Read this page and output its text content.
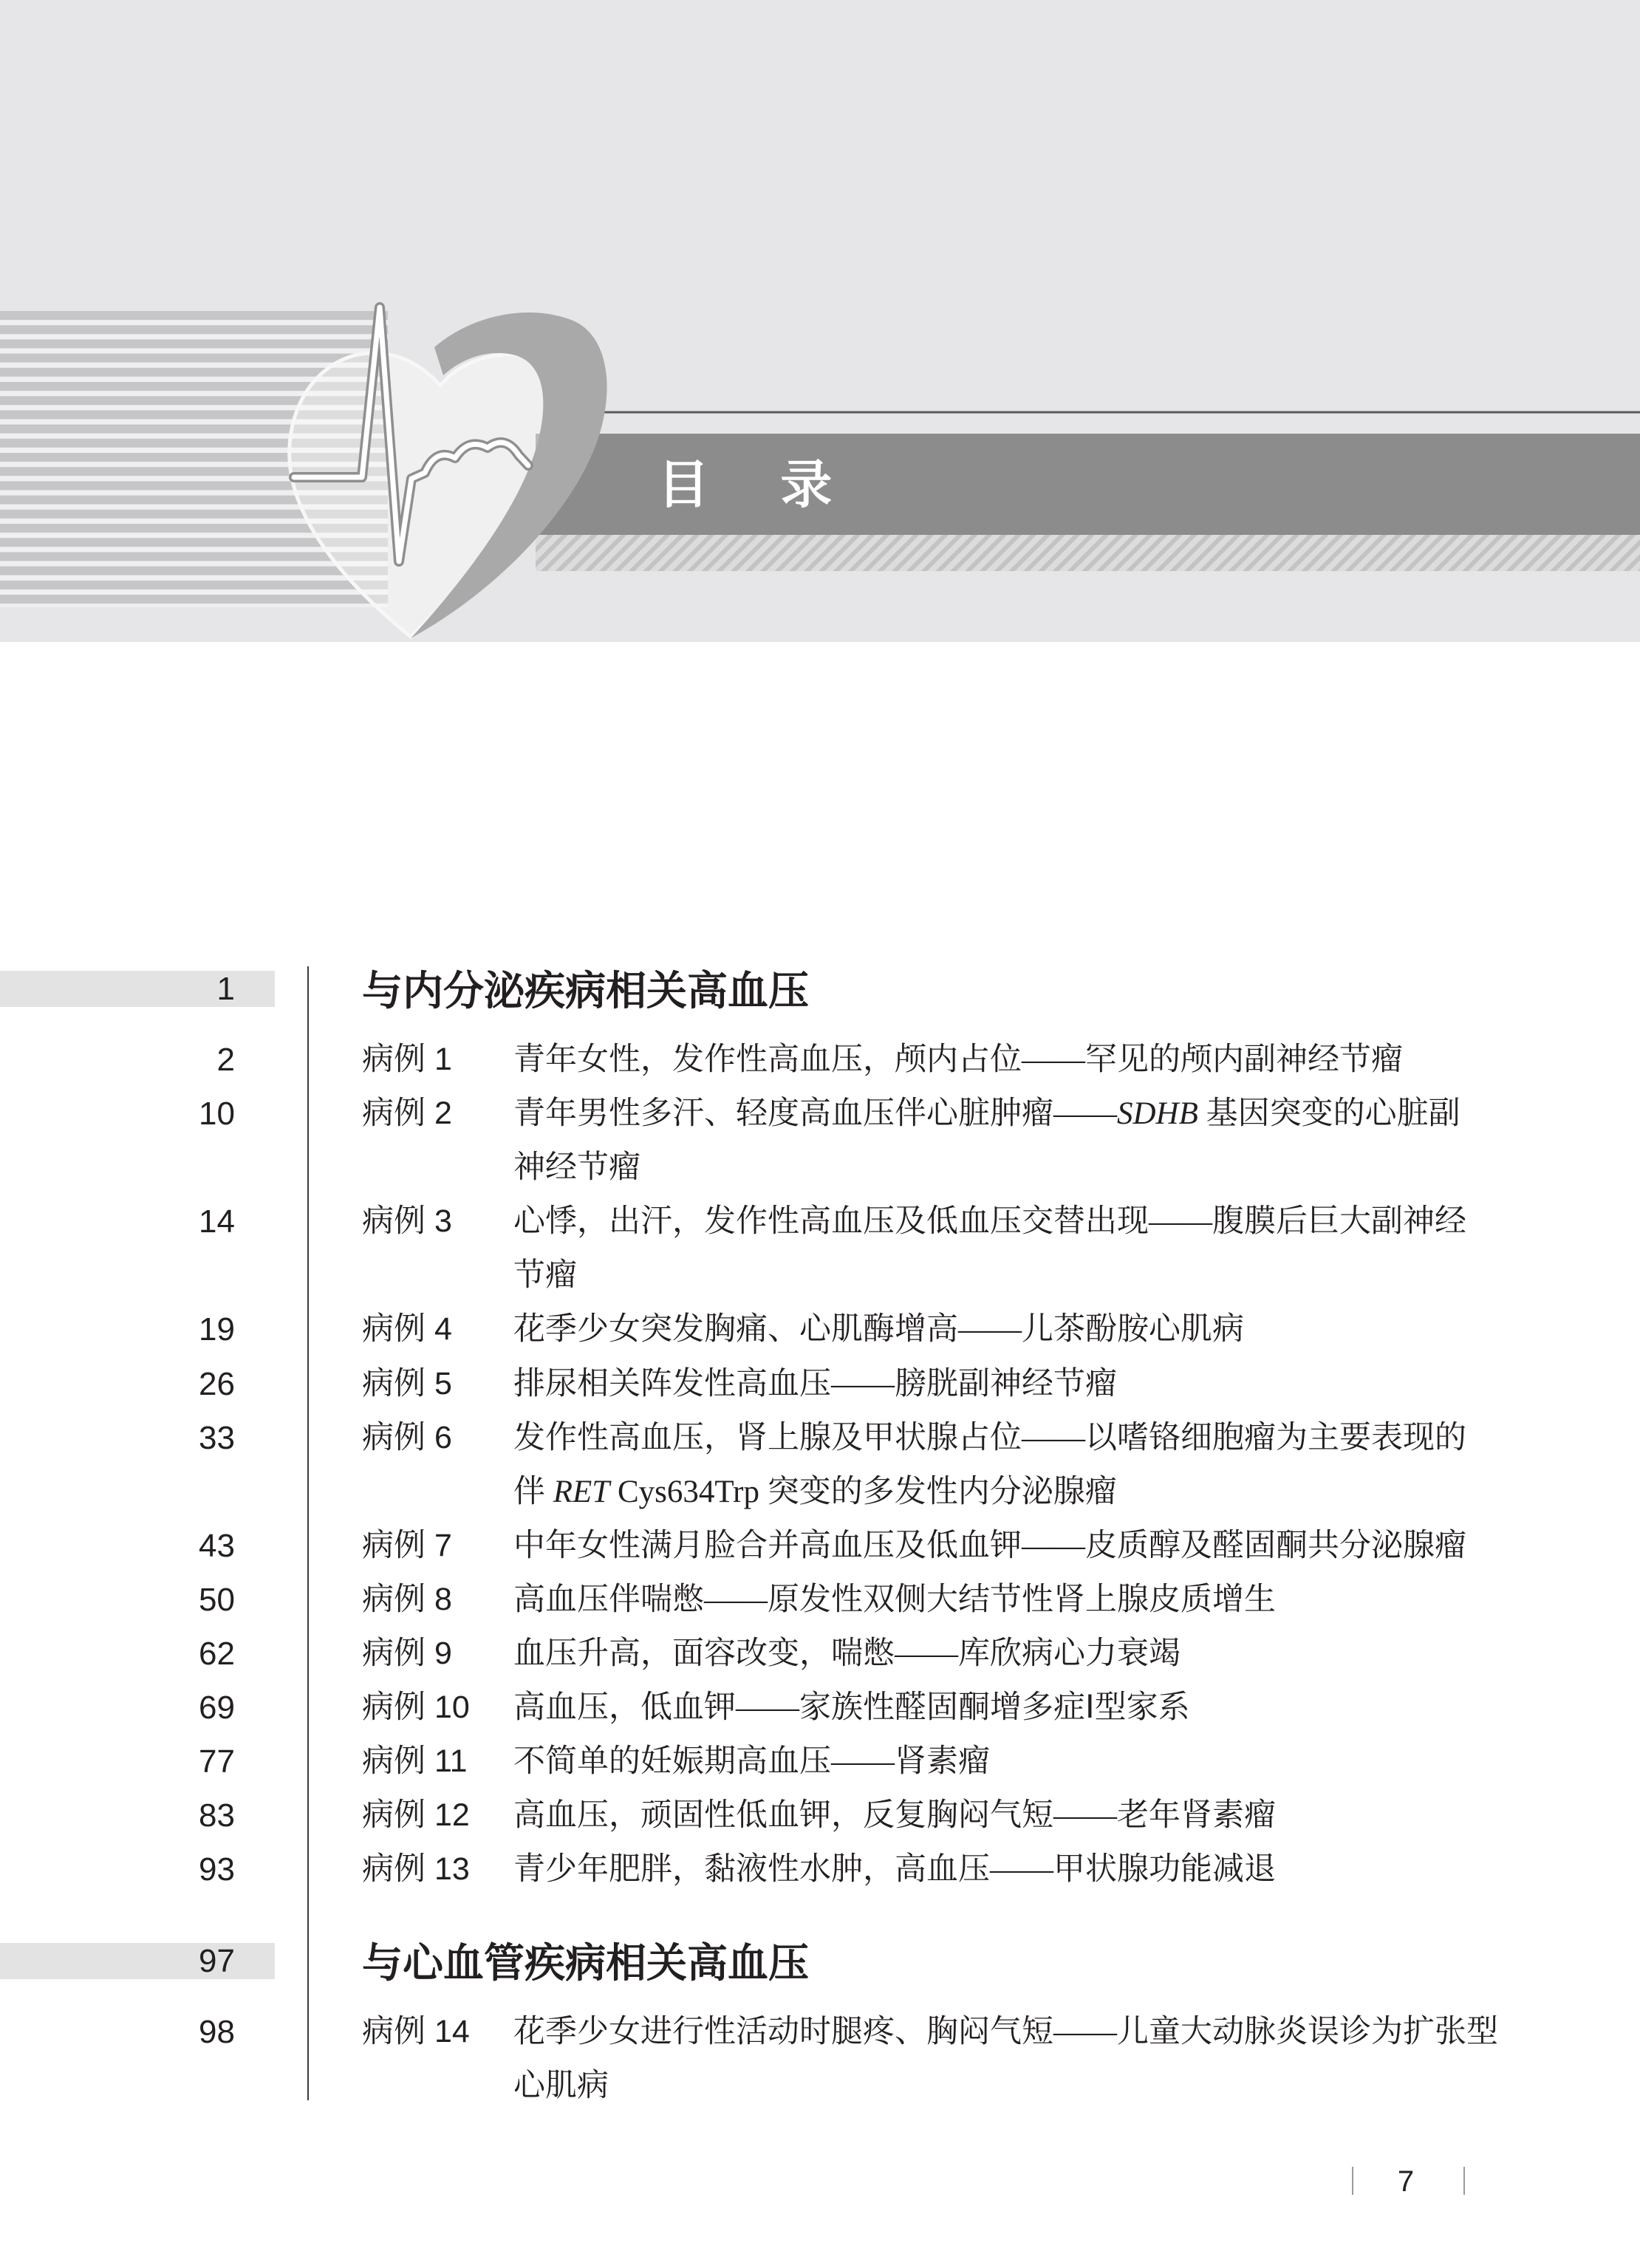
目 录
1	与内分泌疾病相关高血压
2	病例 1 青年女性，发作性高血压，颅内占位——罕见的颅内副神经节瘤
10	病例 2 青年男性多汗、轻度高血压伴心脏肿瘤——SDHB 基因突变的心脏副
神经节瘤
14	病例 3 心悸，出汗，发作性高血压及低血压交替出现——腹膜后巨大副神经
节瘤
19	病例 4 花季少女突发胸痛、心肌酶增高——儿茶酚胺心肌病
26	病例 5 排尿相关阵发性高血压——膀胱副神经节瘤
33	病例 6 发作性高血压，肾上腺及甲状腺占位——以嗜铬细胞瘤为主要表现的
伴 RET Cys634Trp 突变的多发性内分泌腺瘤
43	病例 7 中年女性满月脸合并高血压及低血钾——皮质醇及醛固酮共分泌腺瘤
50	病例 8 高血压伴喘憋——原发性双侧大结节性肾上腺皮质增生
62	病例 9 血压升高，面容改变，喘憋——库欣病心力衰竭
69	病例 10 高血压，低血钾——家族性醛固酮增多症Ⅰ型家系
77	病例 11 不简单的妊娠期高血压——肾素瘤
83	病例 12 高血压，顽固性低血钾，反复胸闷气短——老年肾素瘤
93	病例 13 青少年肥胖，黏液性水肿，高血压——甲状腺功能减退
97	与心血管疾病相关高血压
98	病例 14 花季少女进行性活动时腿疼、胸闷气短——儿童大动脉炎误诊为扩张型
心肌病
7
